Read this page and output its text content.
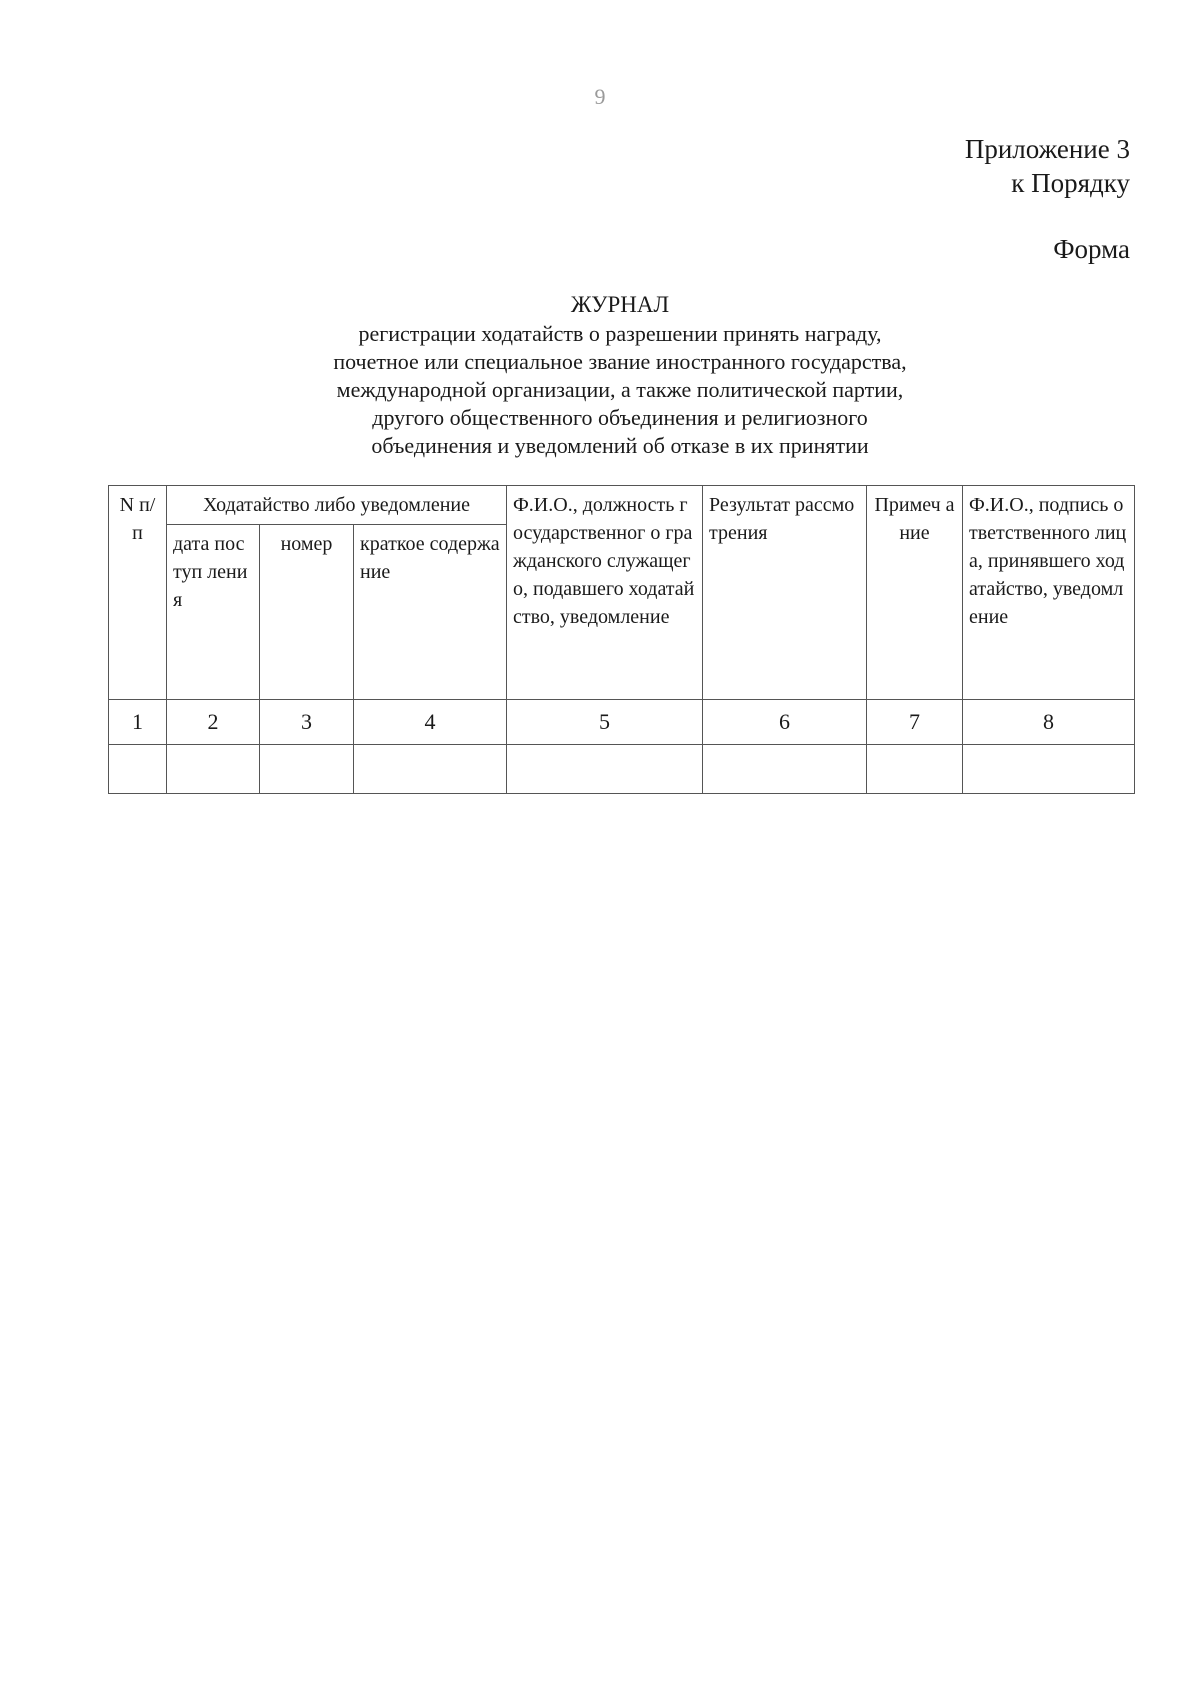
9
Приложение 3
к Порядку
Форма
ЖУРНАЛ
регистрации ходатайств о разрешении принять награду,
почетное или специальное звание иностранного государства,
международной организации, а также политической партии,
другого общественного объединения и религиозного
объединения и уведомлений об отказе в их принятии
N п/п	Ходатайство либо уведомление			Ф.И.О., должность государственног о гражданского служащего, подавшего ходатайство, уведомление	Результат рассмотрения	Примеч ание	Ф.И.О., подпись ответственного лица, принявшего ходатайство, уведомление
	дата поступ ления	номер	краткое содержание				
1	2	3	4	5	6	7	8
